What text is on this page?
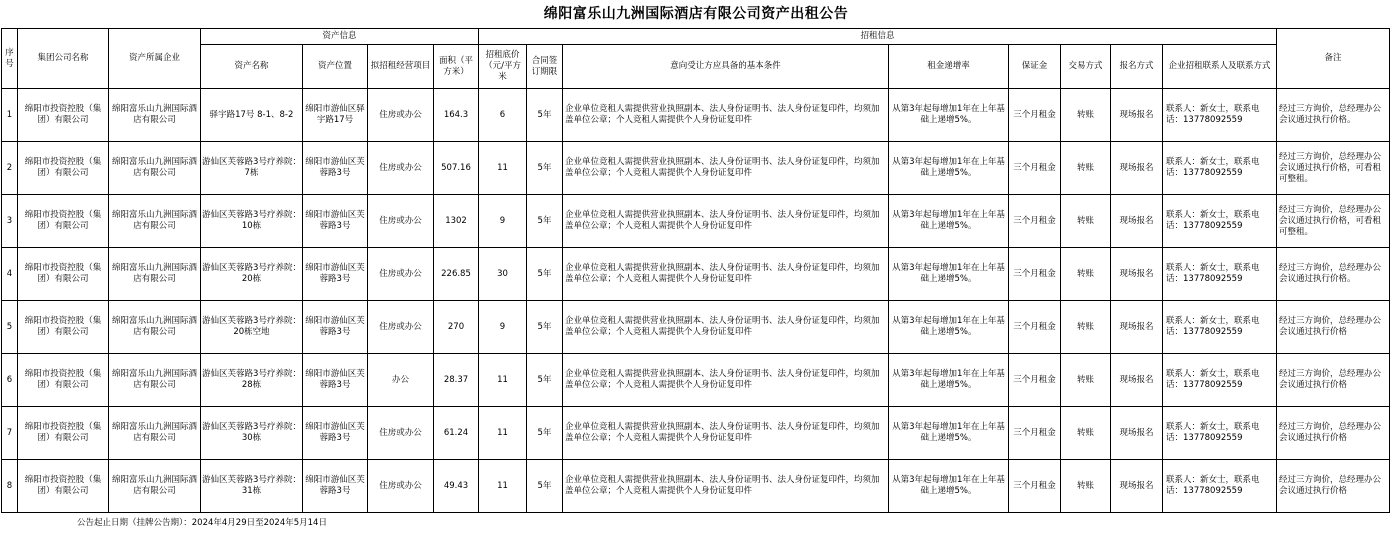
绵阳富乐山九洲国际酒店有限公司资产出租公告
序号	集团公司名称	资产所属企业	资产信息				招租信息								备注
			资产名称	资产位置	拟招租经营项目	面积（平方米）	招租底价（元/平方米	合同签订期限	意向受让方应具备的基本条件	租金递增率	保证金	交易方式	报名方式	企业招租联系人及联系方式	
1	绵阳市投资控股（集团）有限公司	绵阳富乐山九洲国际酒店有限公司	驿宇路17号 8-1、8-2	绵阳市游仙区驿宇路17号	住房或办公	164.3	6	5年	企业单位竞租人需提供营业执照副本、法人身份证明书、法人身份证复印件，均须加盖单位公章；个人竞租人需提供个人身份证复印件	从第3年起每增加1年在上年基础上递增5%。	三个月租金	转账	现场报名	联系人：新女士，联系电话：13778092559	经过三方询价，总经理办公会议通过执行价格。
2	绵阳市投资控股（集团）有限公司	绵阳富乐山九洲国际酒店有限公司	游仙区芙蓉路3号疗养院：7栋	绵阳市游仙区芙蓉路3号	住房或办公	507.16	11	5年	企业单位竞租人需提供营业执照副本、法人身份证明书、法人身份证复印件，均须加盖单位公章；个人竞租人需提供个人身份证复印件	从第3年起每增加1年在上年基础上递增5%。	三个月租金	转账	现场报名	联系人：新女士，联系电话：13778092559	经过三方询价，总经理办公会议通过执行价格，可看租可整租。
3	绵阳市投资控股（集团）有限公司	绵阳富乐山九洲国际酒店有限公司	游仙区芙蓉路3号疗养院：10栋	绵阳市游仙区芙蓉路3号	住房或办公	1302	9	5年	企业单位竞租人需提供营业执照副本、法人身份证明书、法人身份证复印件，均须加盖单位公章；个人竞租人需提供个人身份证复印件	从第3年起每增加1年在上年基础上递增5%。	三个月租金	转账	现场报名	联系人：新女士，联系电话：13778092559	经过三方询价，总经理办公会议通过执行价格，可看租可整租。
4	绵阳市投资控股（集团）有限公司	绵阳富乐山九洲国际酒店有限公司	游仙区芙蓉路3号疗养院：20栋	绵阳市游仙区芙蓉路3号	住房或办公	226.85	30	5年	企业单位竞租人需提供营业执照副本、法人身份证明书、法人身份证复印件，均须加盖单位公章；个人竞租人需提供个人身份证复印件	从第3年起每增加1年在上年基础上递增5%。	三个月租金	转账	现场报名	联系人：新女士，联系电话：13778092559	经过三方询价，总经理办公会议通过执行价格。
5	绵阳市投资控股（集团）有限公司	绵阳富乐山九洲国际酒店有限公司	游仙区芙蓉路3号疗养院：20栋空地	绵阳市游仙区芙蓉路3号	住房或办公	270	9	5年	企业单位竞租人需提供营业执照副本、法人身份证明书、法人身份证复印件，均须加盖单位公章；个人竞租人需提供个人身份证复印件	从第3年起每增加1年在上年基础上递增5%。	三个月租金	转账	现场报名	联系人：新女士，联系电话：13778092559	经过三方询价，总经理办公会议通过执行价格
6	绵阳市投资控股（集团）有限公司	绵阳富乐山九洲国际酒店有限公司	游仙区芙蓉路3号疗养院：28栋	绵阳市游仙区芙蓉路3号	办公	28.37	11	5年	企业单位竞租人需提供营业执照副本、法人身份证明书、法人身份证复印件，均须加盖单位公章；个人竞租人需提供个人身份证复印件	从第3年起每增加1年在上年基础上递增5%。	三个月租金	转账	现场报名	联系人：新女士，联系电话：13778092559	经过三方询价，总经理办公会议通过执行价格
7	绵阳市投资控股（集团）有限公司	绵阳富乐山九洲国际酒店有限公司	游仙区芙蓉路3号疗养院：30栋	绵阳市游仙区芙蓉路3号	住房或办公	61.24	11	5年	企业单位竞租人需提供营业执照副本、法人身份证明书、法人身份证复印件，均须加盖单位公章；个人竞租人需提供个人身份证复印件	从第3年起每增加1年在上年基础上递增5%。	三个月租金	转账	现场报名	联系人：新女士，联系电话：13778092559	经过三方询价，总经理办公会议通过执行价格
8	绵阳市投资控股（集团）有限公司	绵阳富乐山九洲国际酒店有限公司	游仙区芙蓉路3号疗养院：31栋	绵阳市游仙区芙蓉路3号	住房或办公	49.43	11	5年	企业单位竞租人需提供营业执照副本、法人身份证明书、法人身份证复印件，均须加盖单位公章；个人竞租人需提供个人身份证复印件	从第3年起每增加1年在上年基础上递增5%。	三个月租金	转账	现场报名	联系人：新女士，联系电话：13778092559	经过三方询价，总经理办公会议通过执行价格
公告起止日期（挂牌公告期）：2024年4月29日至2024年5月14日
